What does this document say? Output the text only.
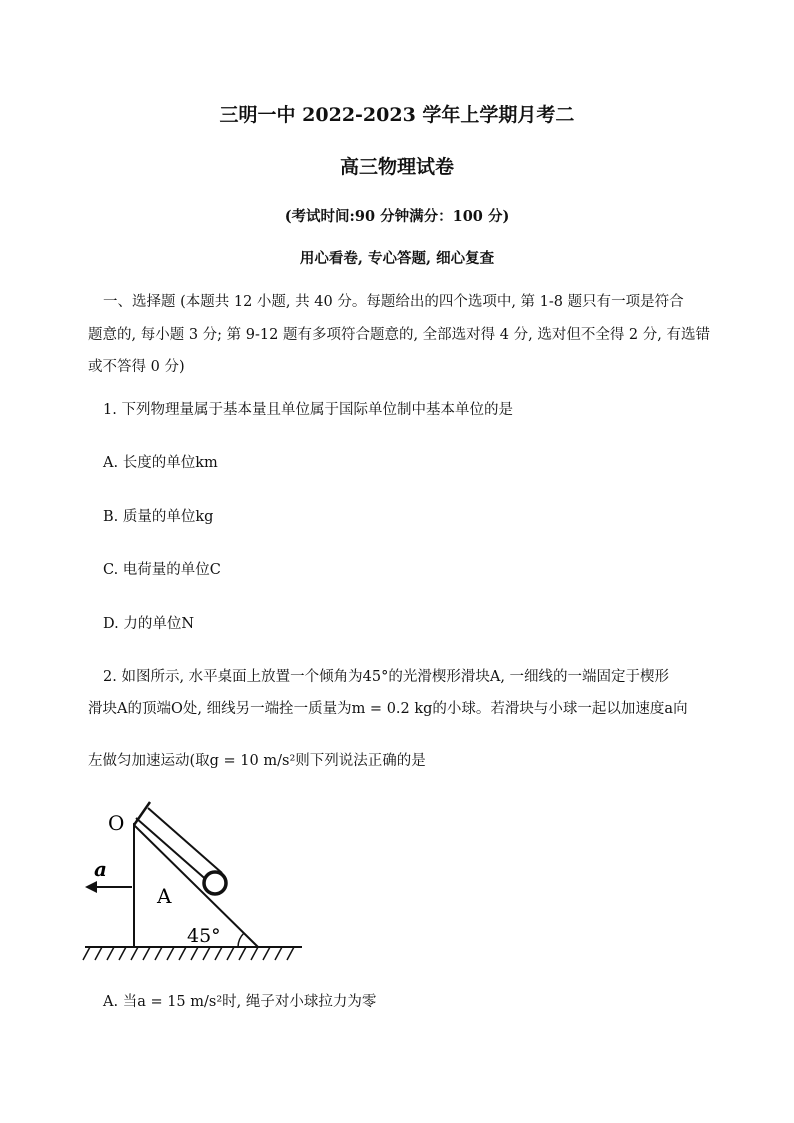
三明一中 2022-2023 学年上学期月考二
高三物理试卷
(考试时间:90 分钟满分：100 分)
用心看卷, 专心答题, 细心复查
一、选择题 (本题共 12 小题, 共 40 分。每题给出的四个选项中, 第 1-8 题只有一项是符合
题意的, 每小题 3 分; 第 9-12 题有多项符合题意的, 全部选对得 4 分, 选对但不全得 2 分, 有选错
或不答得 0 分)
1. 下列物理量属于基本量且单位属于国际单位制中基本单位的是
A. 长度的单位km
B. 质量的单位kg
C. 电荷量的单位C
D. 力的单位N
2. 如图所示, 水平桌面上放置一个倾角为45°的光滑楔形滑块A, 一细线的一端固定于楔形
滑块A的顶端O处, 细线另一端拴一质量为m = 0.2 kg的小球。若滑块与小球一起以加速度a向
左做匀加速运动(取g = 10 m/s²则下列说法正确的是
O
a
A
45°
A. 当a = 15 m/s²时, 绳子对小球拉力为零
